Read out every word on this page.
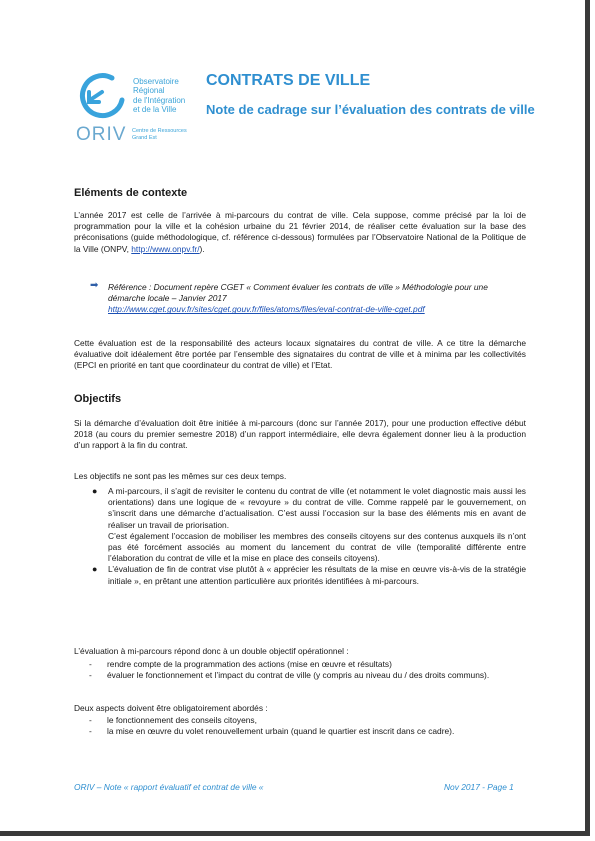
Observatoire
Régional
de l'Intégration
et de la Ville
ORIV Centre de Ressources Grand Est
CONTRATS DE VILLE
Note de cadrage sur l’évaluation des contrats de ville
Eléments de contexte
L’année 2017 est celle de l’arrivée à mi-parcours du contrat de ville. Cela suppose, comme précisé par la loi de programmation pour la ville et la cohésion urbaine du 21 février 2014, de réaliser cette évaluation sur la base des préconisations (guide méthodologique, cf. référence ci-dessous) formulées par l’Observatoire National de la Politique de la Ville (ONPV, http://www.onpv.fr/).
➡ Référence : Document repère CGET « Comment évaluer les contrats de ville » Méthodologie pour une démarche locale – Janvier 2017
http://www.cget.gouv.fr/sites/cget.gouv.fr/files/atoms/files/eval-contrat-de-ville-cget.pdf
Cette évaluation est de la responsabilité des acteurs locaux signataires du contrat de ville. A ce titre la démarche évaluative doit idéalement être portée par l’ensemble des signataires du contrat de ville et à minima par les collectivités (EPCI en priorité en tant que coordinateur du contrat de ville) et l’Etat.
Objectifs
Si la démarche d’évaluation doit être initiée à mi-parcours (donc sur l’année 2017), pour une production effective début 2018 (au cours du premier semestre 2018) d’un rapport intermédiaire, elle devra également donner lieu à la production d’un rapport à la fin du contrat.
Les objectifs ne sont pas les mêmes sur ces deux temps.
● A mi-parcours, il s’agit de revisiter le contenu du contrat de ville (et notamment le volet diagnostic mais aussi les orientations) dans une logique de « revoyure » du contrat de ville. Comme rappelé par le gouvernement, on s’inscrit dans une démarche d’actualisation. C’est aussi l’occasion sur la base des éléments mis en avant de réaliser un travail de priorisation.
C’est également l’occasion de mobiliser les membres des conseils citoyens sur des contenus auxquels ils n’ont pas été forcément associés au moment du lancement du contrat de ville (temporalité différente entre l’élaboration du contrat de ville et la mise en place des conseils citoyens).
● L’évaluation de fin de contrat vise plutôt à « apprécier les résultats de la mise en œuvre vis-à-vis de la stratégie initiale », en prêtant une attention particulière aux priorités identifiées à mi-parcours.
L’évaluation à mi-parcours répond donc à un double objectif opérationnel :
- rendre compte de la programmation des actions (mise en œuvre et résultats)
- évaluer le fonctionnement et l’impact du contrat de ville (y compris au niveau du / des droits communs).
Deux aspects doivent être obligatoirement abordés :
- le fonctionnement des conseils citoyens,
- la mise en œuvre du volet renouvellement urbain (quand le quartier est inscrit dans ce cadre).
ORIV – Note « rapport évaluatif et contrat de ville «	Nov 2017 - Page 1
